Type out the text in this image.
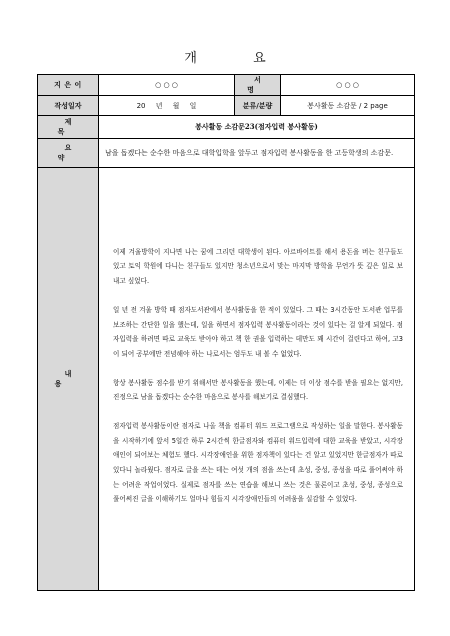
개 요
지 은 이	○ ○ ○	서 명	○ ○ ○
작성일자	20 년 월 일	분류/분량	봉사활동 소감문 / 2 page
제 목	봉사활동 소감문23(점자입력 봉사활동)		
요 약	남을 돕겠다는 순수한 마음으로 대학입학을 앞두고 점자입력 봉사활동을 한 고등학생의 소감문.		
내 용	이제 겨울방학이 지나면 나는 꿈에 그리던 대학생이 된다. 아르바이트를 해서 용돈을 버는 친구들도 있고 토익 학원에 다니는 친구들도 있지만 청소년으로서 맞는 마지막 방학을 무언가 뜻 깊은 일로 보내고 싶었다.

일 년 전 겨울 방학 때 점자도서관에서 봉사활동을 한 적이 있었다. 그 때는 3시간동안 도서관 업무를 보조하는 간단한 일을 했는데, 일을 하면서 점자입력 봉사활동이라는 것이 있다는 걸 알게 되었다. 점자입력을 하려면 따로 교육도 받아야 하고 책 한 권을 입력하는 데만도 꽤 시간이 걸린다고 하여, 고3이 되어 공부에만 전념해야 하는 나로서는 엄두도 내 볼 수 없었다.

항상 봉사활동 점수를 받기 위해서만 봉사활동을 했는데, 이제는 더 이상 점수를 받을 필요는 없지만, 진정으로 남을 돕겠다는 순수한 마음으로 봉사를 해보기로 결심했다.

점자입력 봉사활동이란 점자로 나올 책을 컴퓨터 워드 프로그램으로 작성하는 일을 말한다. 봉사활동을 시작하기에 앞서 5일간 하루 2시간씩 한글점자와 컴퓨터 워드입력에 대한 교육을 받았고, 시각장애인이 되어보는 체험도 했다. 시각장애인을 위한 점자책이 있다는 건 알고 있었지만 한글점자가 따로 있다니 놀라웠다. 점자로 글을 쓰는 데는 여섯 개의 점을 쓰는데 초성, 중성, 종성을 따로 풀어써야 하는 어려운 작업이었다. 실제로 점자를 쓰는 연습을 해보니 쓰는 것은 물론이고 초성, 중성, 종성으로 풀어써진 글을 이해하기도 얼마나 힘들지 시각장애인들의 어려움을 실감할 수 있었다.		
